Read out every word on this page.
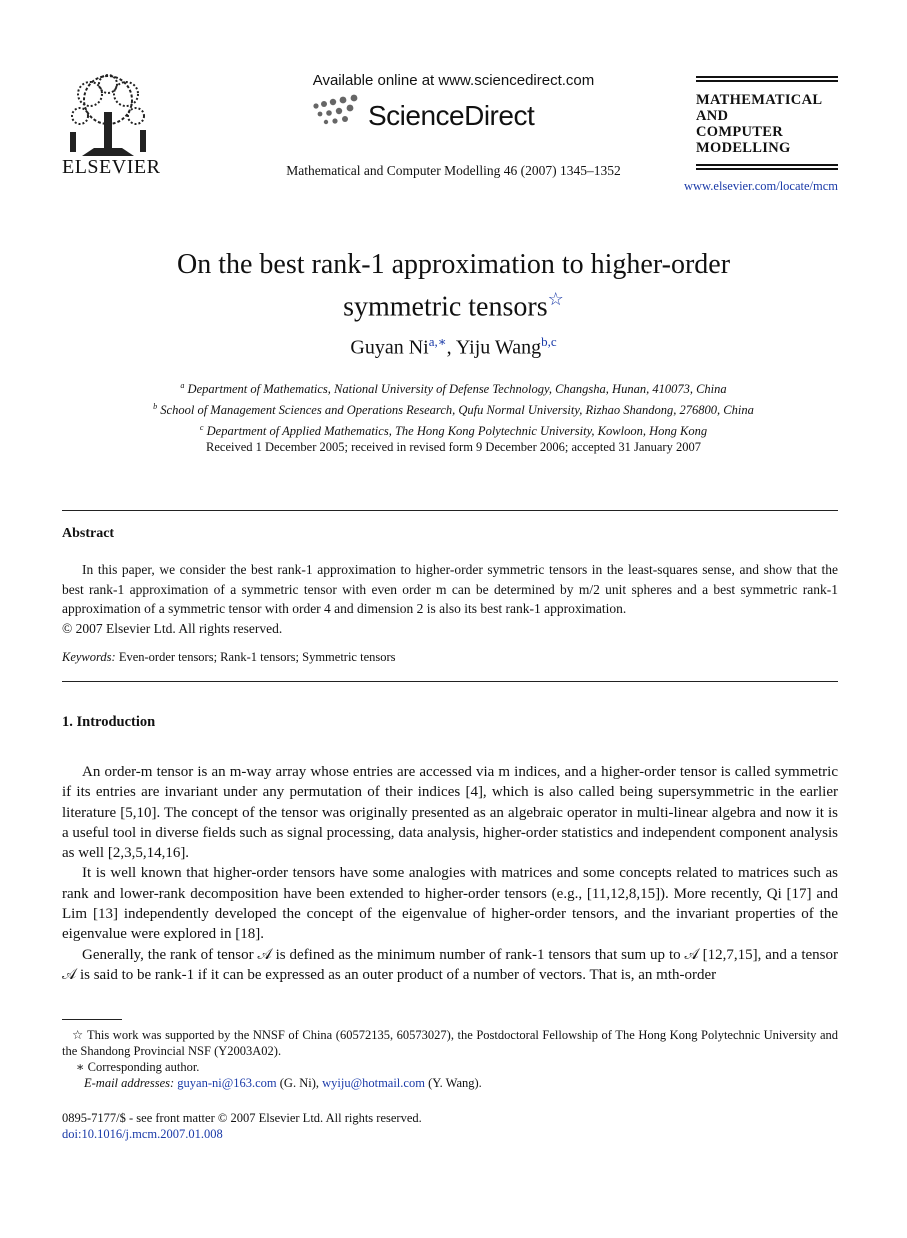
ELSEVIER
Available online at www.sciencedirect.com
ScienceDirect
Mathematical and Computer Modelling 46 (2007) 1345–1352
MATHEMATICAL
AND
COMPUTER
MODELLING
www.elsevier.com/locate/mcm
On the best rank-1 approximation to higher-order
symmetric tensors☆
Guyan $Ni^{a,∗}$, Yiju Wang$^{b,c}$
$^a$ Department of Mathematics, National University of Defense Technology, Changsha, Hunan, 410073, China
$^b$ School of Management Sciences and Operations Research, Qufu Normal University, Rizhao Shandong, 276800, China
$^c$ Department of Applied Mathematics, The Hong Kong Polytechnic University, Kowloon, Hong Kong
Received 1 December 2005; received in revised form 9 December 2006; accepted 31 January 2007
Abstract
In this paper, we consider the best rank-1 approximation to higher-order symmetric tensors in the least-squares sense, and show that the best rank-1 approximation of a symmetric tensor with even order m can be determined by m/2 unit spheres and a best symmetric rank-1 approximation of a symmetric tensor with order 4 and dimension 2 is also its best rank-1 approximation.
© 2007 Elsevier Ltd. All rights reserved.
Keywords: Even-order tensors; Rank-1 tensors; Symmetric tensors
1. Introduction

An order-m tensor is an m-way array whose entries are accessed via m indices, and a higher-order tensor is called symmetric if its entries are invariant under any permutation of their indices [4], which is also called being supersymmetric in the earlier literature [5,10]. The concept of the tensor was originally presented as an algebraic operator in multi-linear algebra and now it is a useful tool in diverse fields such as signal processing, data analysis, higher-order statistics and independent component analysis as well [2,3,5,14,16].

It is well known that higher-order tensors have some analogies with matrices and some concepts related to matrices such as rank and lower-rank decomposition have been extended to higher-order tensors (e.g., [11,12,8,15]). More recently, Qi [17] and Lim [13] independently developed the concept of the eigenvalue of higher-order tensors, and the invariant properties of the eigenvalue were explored in [18].

Generally, the rank of tensor 𝒜 is defined as the minimum number of rank-1 tensors that sum up to 𝒜 [12,7,15], and a tensor 𝒜 is said to be rank-1 if it can be expressed as an outer product of a number of vectors. That is, an mth-order

☆ This work was supported by the NNSF of China (60572135, 60573027), the Postdoctoral Fellowship of The Hong Kong Polytechnic University and the Shandong Provincial NSF (Y2003A02).

∗ Corresponding author.

E-mail addresses: guyan-ni@163.com (G. Ni), wyiju@hotmail.com (Y. Wang).

0895-7177/$ - see front matter © 2007 Elsevier Ltd. All rights reserved.
doi:10.1016/j.mcm.2007.01.008
